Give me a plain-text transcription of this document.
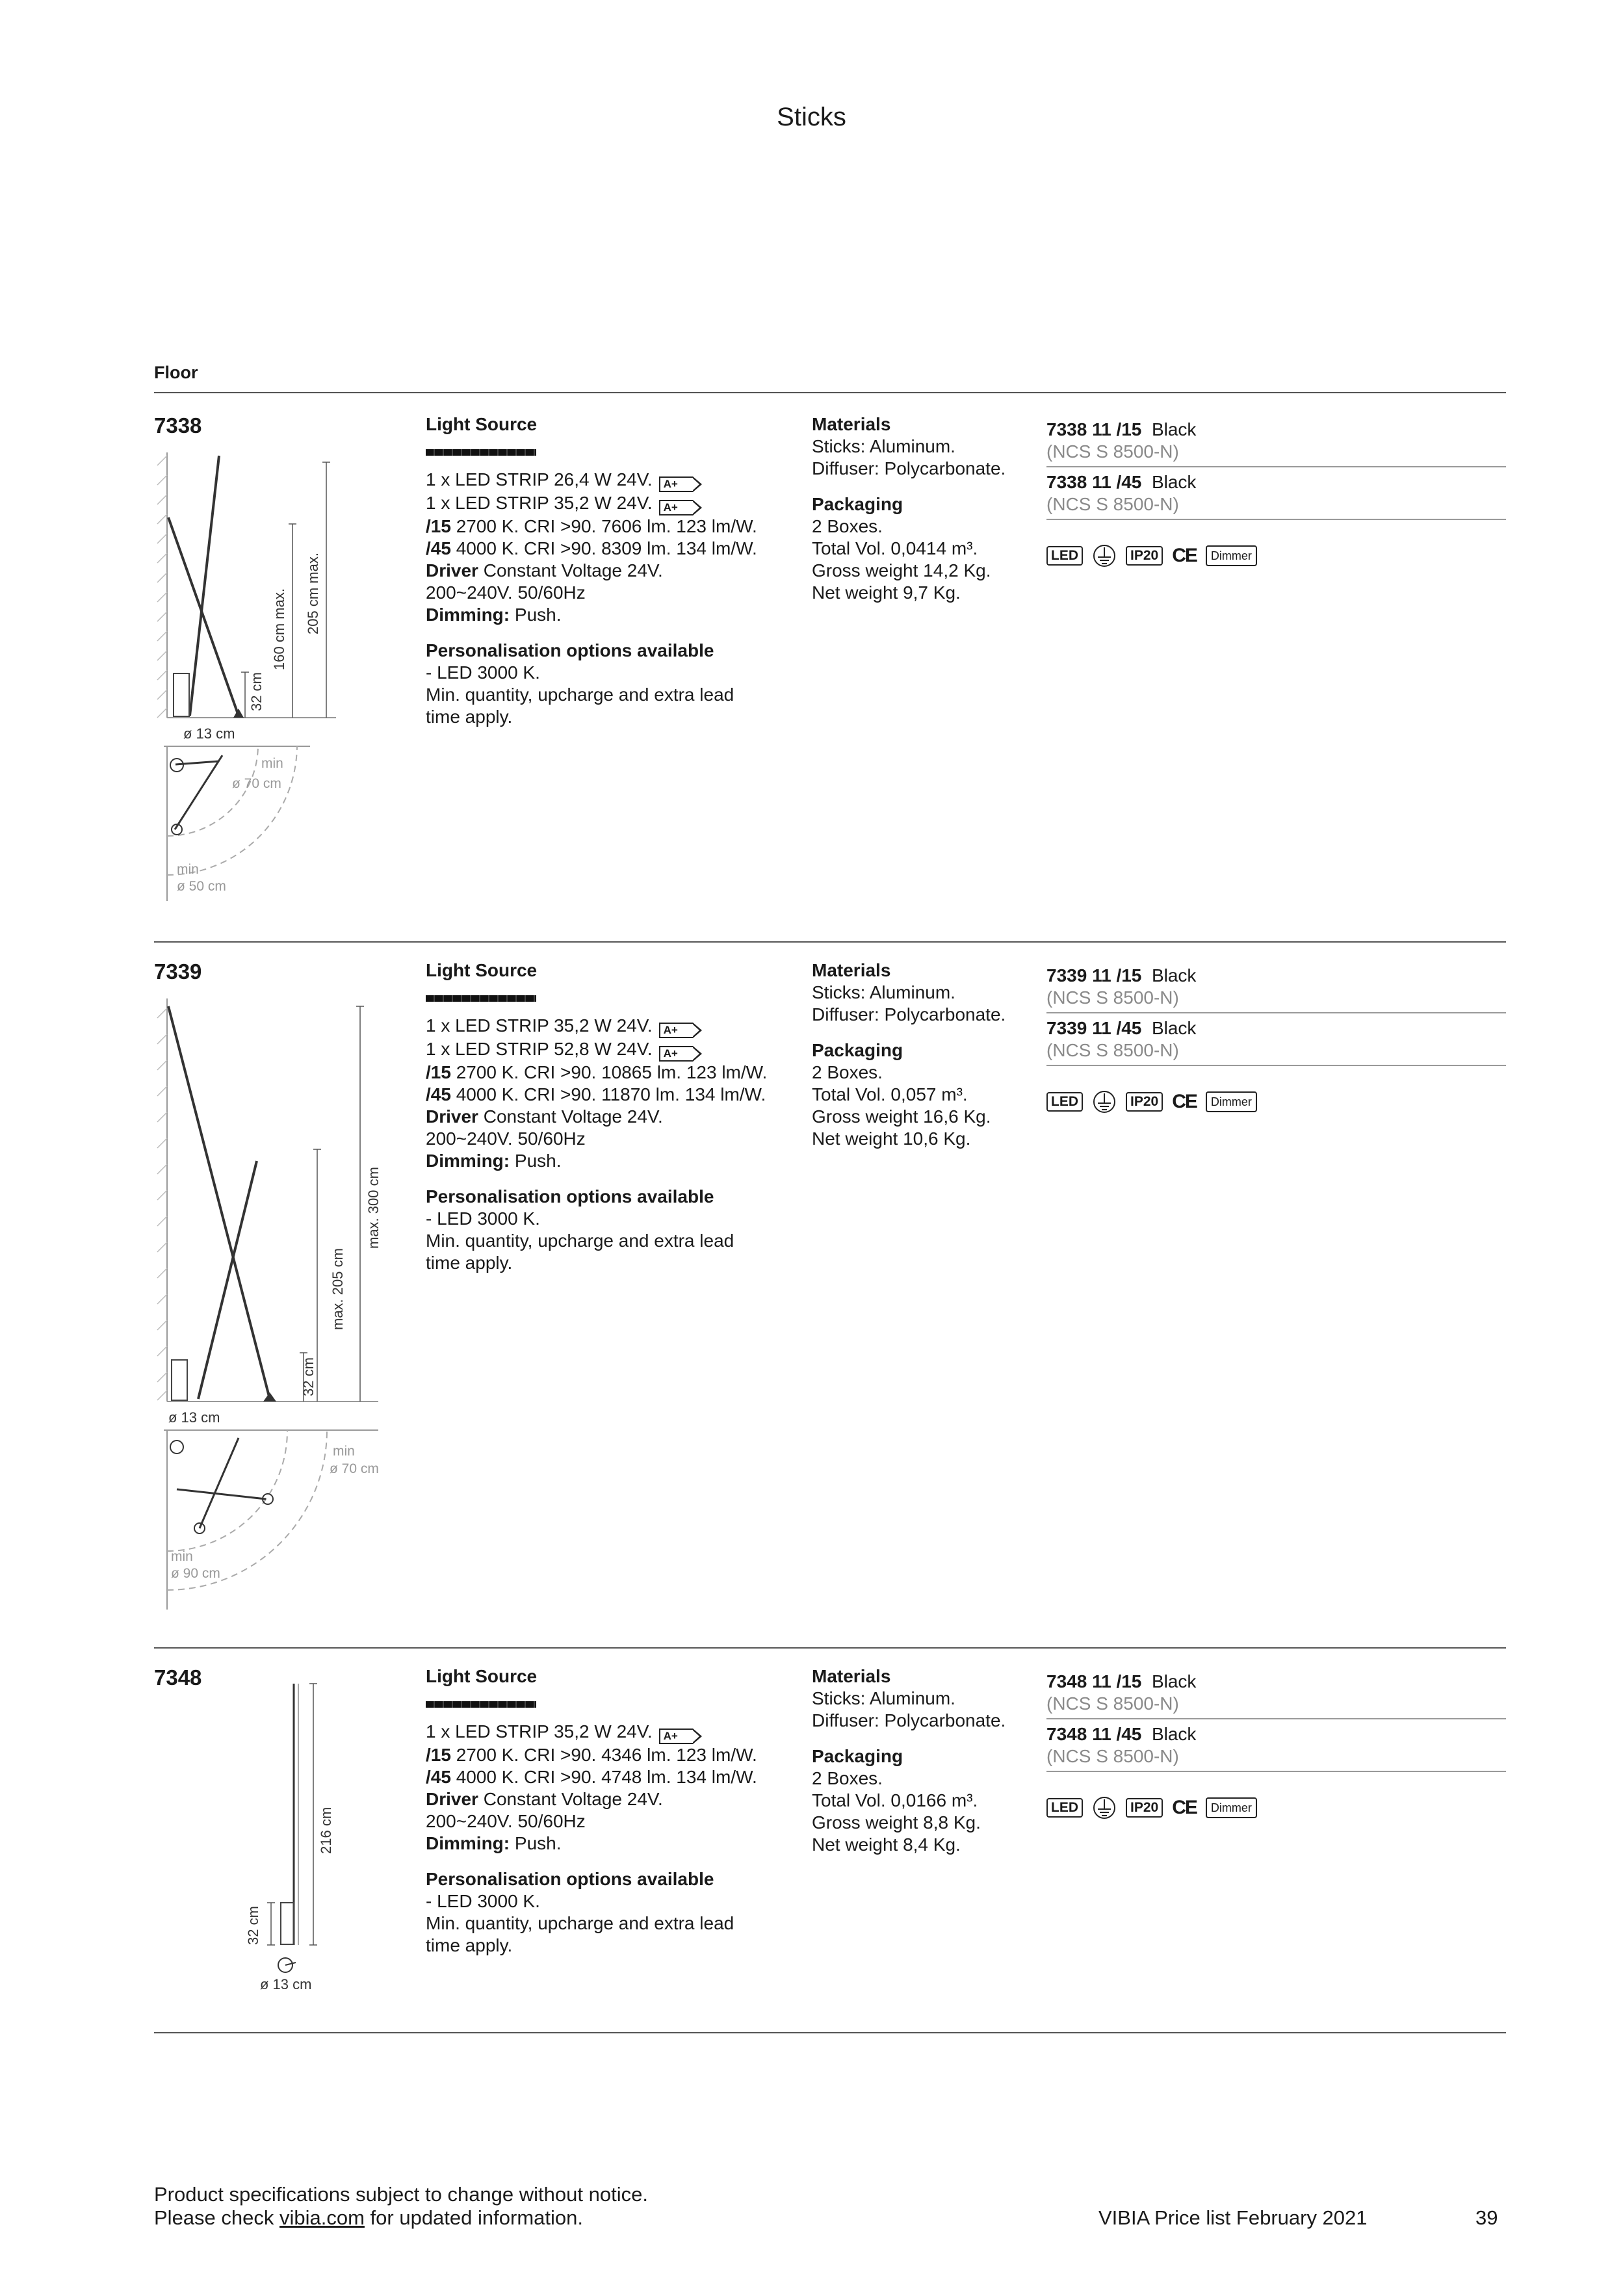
Sticks
Floor
7338
32 cm
160 cm max. 205 cm max.
ø 13 cm
min
ø 70 cm
min
ø 50 cm

Light Source

1 x LED STRIP 26,4 W 24V. A+

1 x LED STRIP 35,2 W 24V. A+

/15 2700 K. CRI >90. 7606 lm. 123 lm/W.

/45 4000 K. CRI >90. 8309 lm. 134 lm/W.

Driver Constant Voltage 24V.

200~240V. 50/60Hz

Dimming: Push.

Personalisation options available

- LED 3000 K.

Min. quantity, upcharge and extra lead

time apply.

Materials

Sticks: Aluminum.

Diffuser: Polycarbonate.

Packaging

2 Boxes.

Total Vol. 0,0414 m³.

Gross weight 14,2 Kg.

Net weight 9,7 Kg.

7338 11 /15 Black
(NCS S 8500-N)
7338 11 /45 Black
(NCS S 8500-N)
LED	IP20 CE	Dimmer
7339
32 cm
max. 205 cm
max. 300 cm
ø 13 cm
min
ø 70 cm
min
ø 90 cm

Light Source

1 x LED STRIP 35,2 W 24V. A+

1 x LED STRIP 52,8 W 24V. A+

/15 2700 K. CRI >90. 10865 lm. 123 lm/W.

/45 4000 K. CRI >90. 11870 lm. 134 lm/W.

Driver Constant Voltage 24V.

200~240V. 50/60Hz

Dimming: Push.

Personalisation options available

- LED 3000 K.

Min. quantity, upcharge and extra lead

time apply.

Materials

Sticks: Aluminum.

Diffuser: Polycarbonate.

Packaging

2 Boxes.

Total Vol. 0,057 m³.

Gross weight 16,6 Kg.

Net weight 10,6 Kg.

7339 11 /15 Black
(NCS S 8500-N)
7339 11 /45 Black
(NCS S 8500-N)
LED	IP20 CE	Dimmer
7348
216 cm
32 cm
ø 13 cm

Light Source

1 x LED STRIP 35,2 W 24V. A+

/15 2700 K. CRI >90. 4346 lm. 123 lm/W.

/45 4000 K. CRI >90. 4748 lm. 134 lm/W.

Driver Constant Voltage 24V.

200~240V. 50/60Hz

Dimming: Push.

Personalisation options available

- LED 3000 K.

Min. quantity, upcharge and extra lead

time apply.

Materials

Sticks: Aluminum.

Diffuser: Polycarbonate.

Packaging

2 Boxes.

Total Vol. 0,0166 m³.

Gross weight 8,8 Kg.

Net weight 8,4 Kg.

7348 11 /15 Black
(NCS S 8500-N)
7348 11 /45 Black
(NCS S 8500-N)
LED	IP20 CE	Dimmer
Product specifications subject to change without notice.
Please check vibia.com for updated information.	VIBIA Price list February 2021	39
